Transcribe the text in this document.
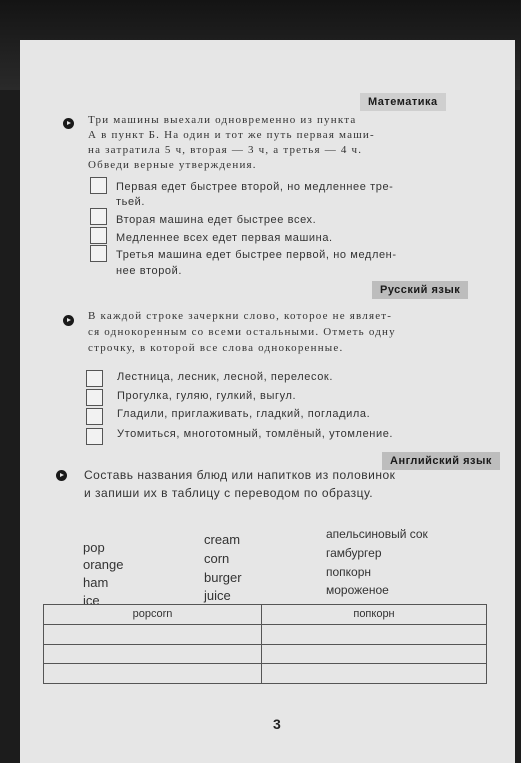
Математика
Три машины выехали одновременно из пункта
А в пункт Б. На один и тот же путь первая маши-
на затратила 5 ч, вторая — 3 ч, а третья — 4 ч.
Обведи верные утверждения.
Первая едет быстрее второй, но медленнее тре-
тьей.
Вторая машина едет быстрее всех.
Медленнее всех едет первая машина.
Третья машина едет быстрее первой, но медлен-
нее второй.
Русский язык
В каждой строке зачеркни слово, которое не являет-
ся однокоренным со всеми остальными. Отметь одну
строчку, в которой все слова однокоренные.
Лестница, лесник, лесной, перелесок.
Прогулка, гуляю, гулкий, выгул.
Гладили, приглаживать, гладкий, погладила.
Утомиться, многотомный, томлёный, утомление.
Английский язык
Составь названия блюд или напитков из половинок
и запиши их в таблицу с переводом по образцу.
pop
orange
ham
ice
cream
corn
burger
juice
апельсиновый сок
гамбургер
попкорн
мороженое
popcorn	попкорн

3
